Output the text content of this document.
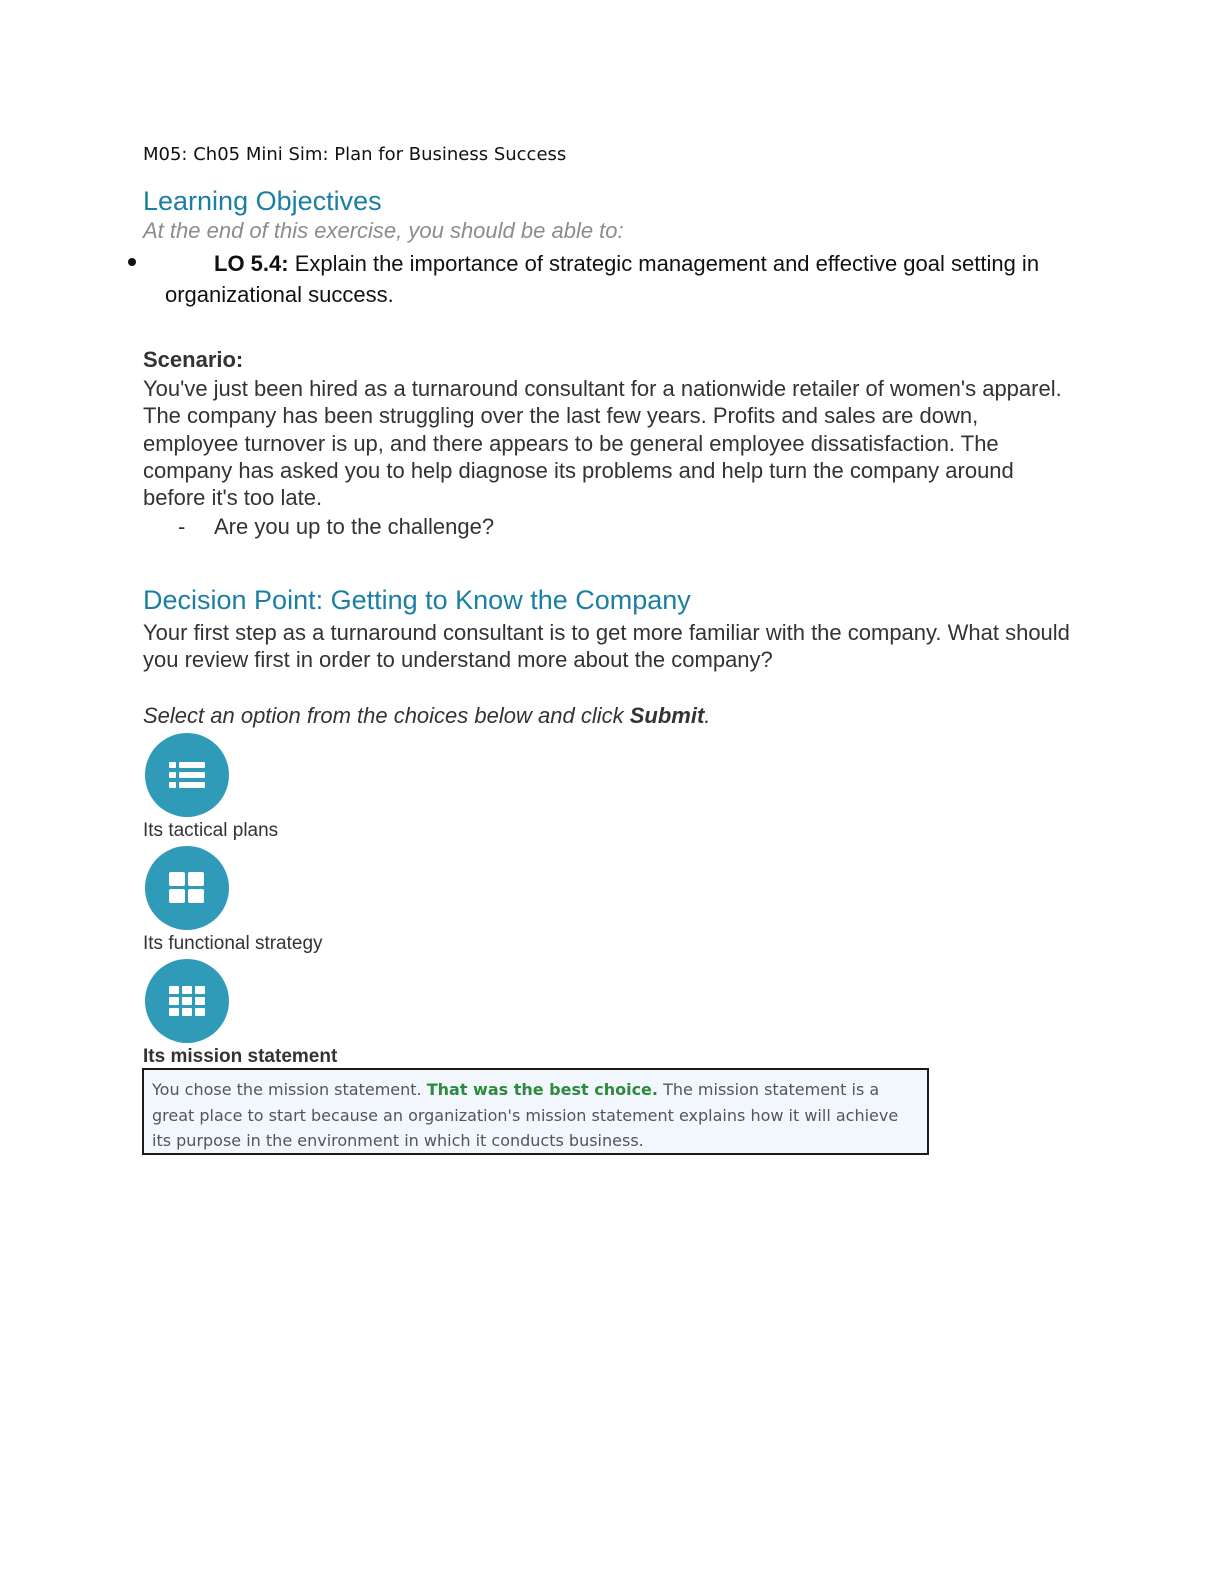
M05: Ch05 Mini Sim: Plan for Business Success
Learning Objectives
At the end of this exercise, you should be able to:
LO 5.4: Explain the importance of strategic management and effective goal setting in organizational success.
Scenario:
You've just been hired as a turnaround consultant for a nationwide retailer of women's apparel. The company has been struggling over the last few years. Profits and sales are down, employee turnover is up, and there appears to be general employee dissatisfaction. The company has asked you to help diagnose its problems and help turn the company around before it's too late.
- Are you up to the challenge?
Decision Point: Getting to Know the Company
Your first step as a turnaround consultant is to get more familiar with the company. What should you review first in order to understand more about the company?
Select an option from the choices below and click Submit.
Its tactical plans
Its functional strategy
Its mission statement
You chose the mission statement. That was the best choice. The mission statement is a great place to start because an organization's mission statement explains how it will achieve its purpose in the environment in which it conducts business.
